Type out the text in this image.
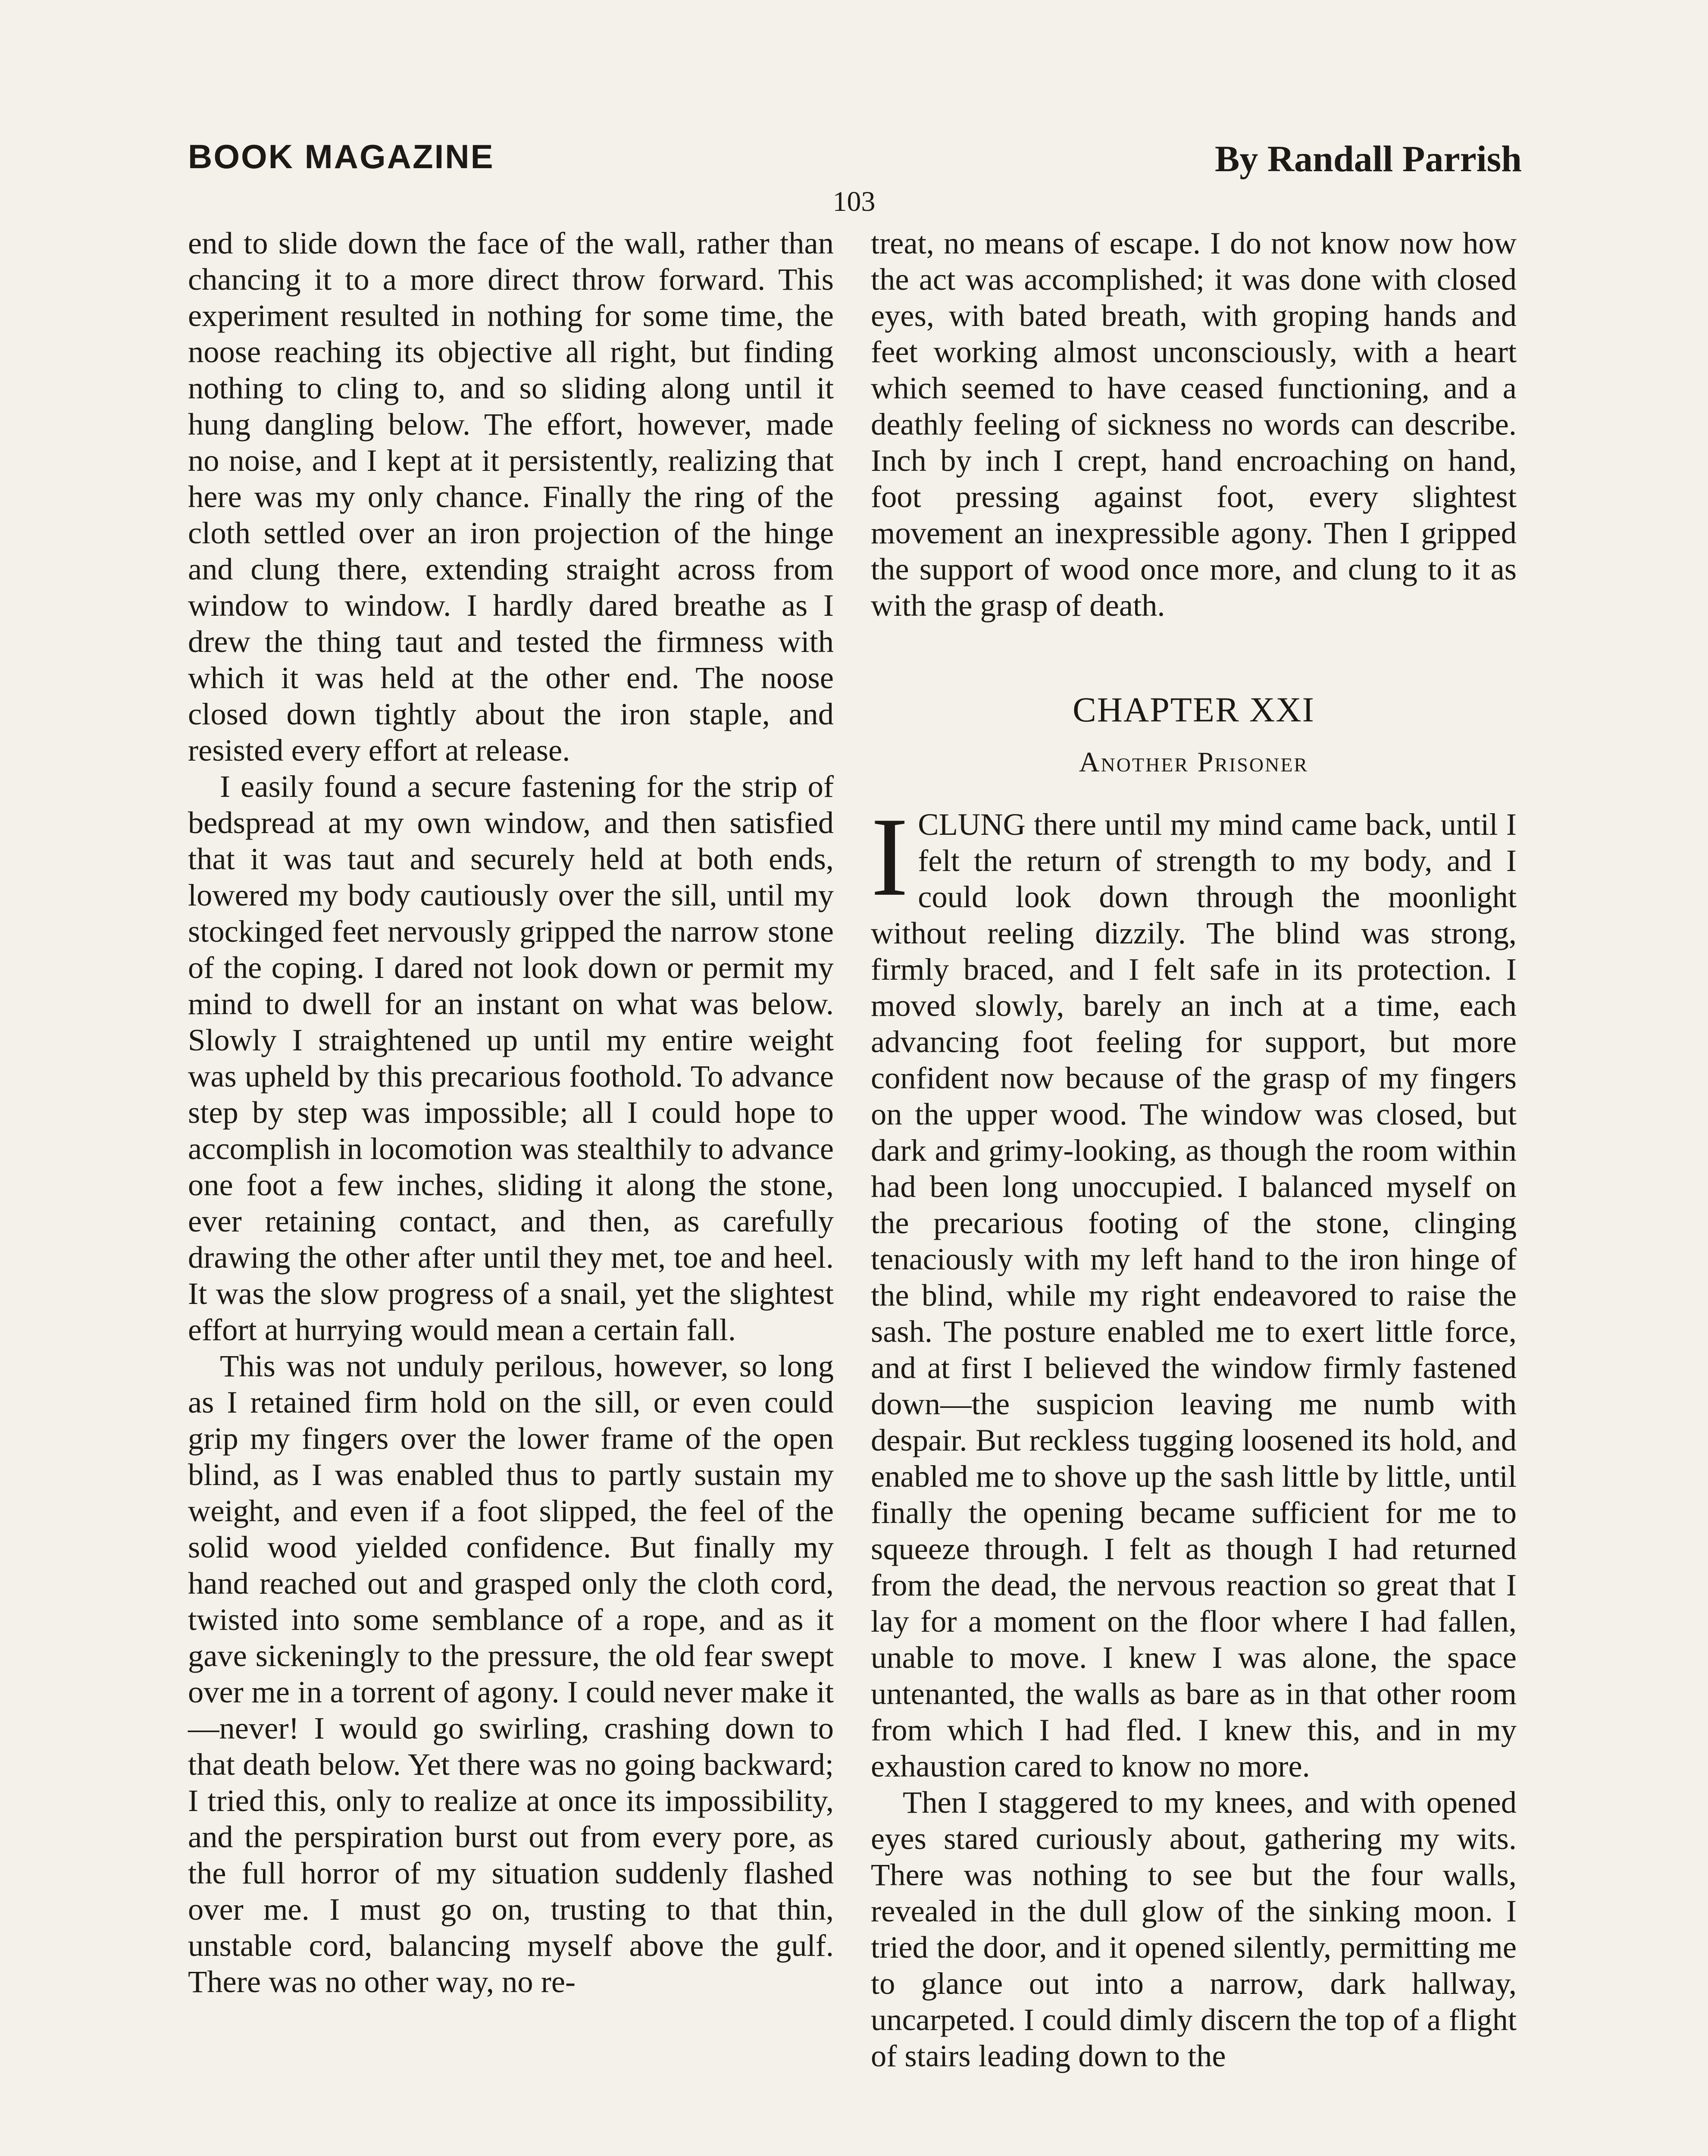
BOOK MAGAZINE	By Randall Parrish
103

end to slide down the face of the wall, rather than chancing it to a more direct throw forward. This experiment resulted in nothing for some time, the noose reaching its objective all right, but finding nothing to cling to, and so sliding along until it hung dangling below. The effort, however, made no noise, and I kept at it persistently, realizing that here was my only chance. Finally the ring of the cloth settled over an iron projection of the hinge and clung there, extending straight across from window to window. I hardly dared breathe as I drew the thing taut and tested the firmness with which it was held at the other end. The noose closed down tightly about the iron staple, and resisted every effort at release.

I easily found a secure fastening for the strip of bedspread at my own window, and then satisfied that it was taut and securely held at both ends, lowered my body cautiously over the sill, until my stockinged feet nervously gripped the narrow stone of the coping. I dared not look down or permit my mind to dwell for an instant on what was below. Slowly I straightened up until my entire weight was upheld by this precarious foothold. To advance step by step was impossible; all I could hope to accomplish in locomotion was stealthily to advance one foot a few inches, sliding it along the stone, ever retaining contact, and then, as carefully drawing the other after until they met, toe and heel. It was the slow progress of a snail, yet the slightest effort at hurrying would mean a certain fall.

This was not unduly perilous, however, so long as I retained firm hold on the sill, or even could grip my fingers over the lower frame of the open blind, as I was enabled thus to partly sustain my weight, and even if a foot slipped, the feel of the solid wood yielded confidence. But finally my hand reached out and grasped only the cloth cord, twisted into some semblance of a rope, and as it gave sickeningly to the pressure, the old fear swept over me in a torrent of agony. I could never make it—never! I would go swirling, crashing down to that death below. Yet there was no going backward; I tried this, only to realize at once its impossibility, and the perspiration burst out from every pore, as the full horror of my situation suddenly flashed over me. I must go on, trusting to that thin, unstable cord, balancing myself above the gulf. There was no other way, no re-

treat, no means of escape. I do not know now how the act was accomplished; it was done with closed eyes, with bated breath, with groping hands and feet working almost unconsciously, with a heart which seemed to have ceased functioning, and a deathly feeling of sickness no words can describe. Inch by inch I crept, hand encroaching on hand, foot pressing against foot, every slightest movement an inexpressible agony. Then I gripped the support of wood once more, and clung to it as with the grasp of death.

CHAPTER XXI
Another Prisoner
I CLUNG there until my mind came back, until I felt the return of strength to my body, and I could look down through the moonlight without reeling dizzily. The blind was strong, firmly braced, and I felt safe in its protection. I moved slowly, barely an inch at a time, each advancing foot feeling for support, but more confident now because of the grasp of my fingers on the upper wood. The window was closed, but dark and grimy-looking, as though the room within had been long unoccupied. I balanced myself on the precarious footing of the stone, clinging tenaciously with my left hand to the iron hinge of the blind, while my right endeavored to raise the sash. The posture enabled me to exert little force, and at first I believed the window firmly fastened down—the suspicion leaving me numb with despair. But reckless tugging loosened its hold, and enabled me to shove up the sash little by little, until finally the opening became sufficient for me to squeeze through. I felt as though I had returned from the dead, the nervous reaction so great that I lay for a moment on the floor where I had fallen, unable to move. I knew I was alone, the space untenanted, the walls as bare as in that other room from which I had fled. I knew this, and in my exhaustion cared to know no more.

Then I staggered to my knees, and with opened eyes stared curiously about, gathering my wits. There was nothing to see but the four walls, revealed in the dull glow of the sinking moon. I tried the door, and it opened silently, permitting me to glance out into a narrow, dark hallway, uncarpeted. I could dimly discern the top of a flight of stairs leading down to the
